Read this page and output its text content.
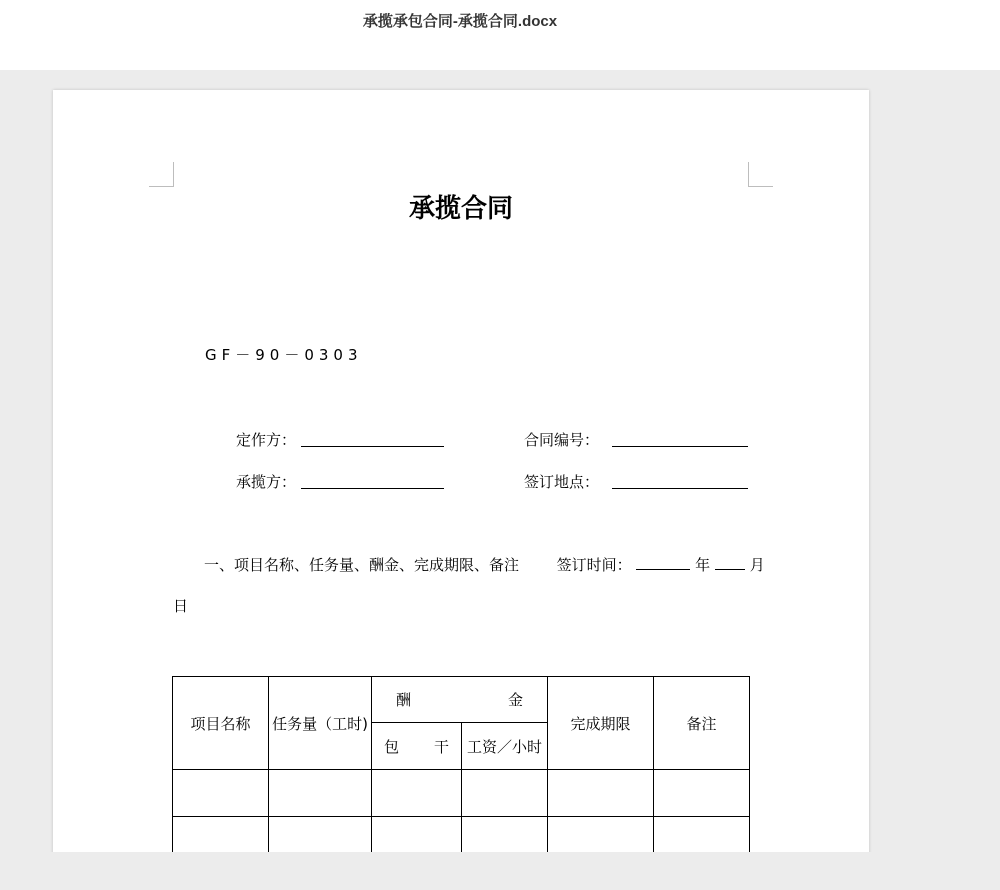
承揽承包合同-承揽合同.docx
承揽合同
GF－90－0303
定作方：	合同编号：
承揽方：	签订地点：
一、项目名称、任务量、酬金、完成期限、备注	签订时间：	年	月
日
项目名称	任务量（工时)	酬 金		完成期限	备注

		包 干	工资／小时		
